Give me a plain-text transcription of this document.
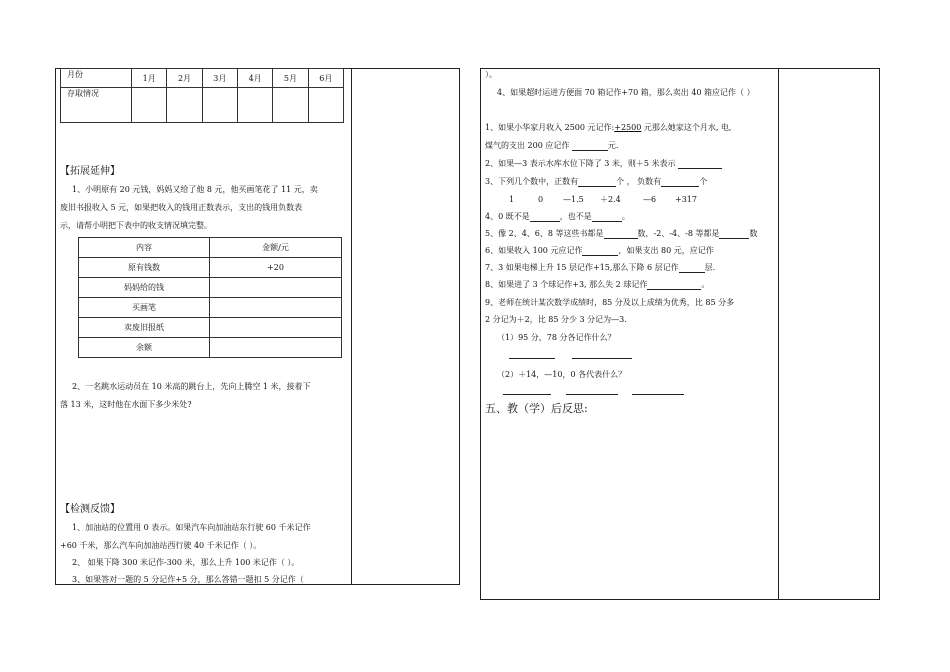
月份	1月	2月	3月	4月	5月	6月
存取情况						
【拓展延伸】
1、小明原有 20 元钱，妈妈又给了他 8 元，他买画笔花了 11 元，卖
废旧书报收入 5 元，如果把收入的钱用正数表示，支出的钱用负数表
示，请帮小明把下表中的收支情况填完整。
内容	金额/元
原有钱数	+20
妈妈给的钱	
买画笔	
卖废旧报纸	
余额	
2、一名跳水运动员在 10 米高的跳台上，先向上腾空 1 米，接着下
落 13 米，这时他在水面下多少米处?
【检测反馈】
1、加油站的位置用 0 表示。如果汽车向加油站东行驶 60 千米记作
+60 千米，那么汽车向加油站西行驶 40 千米记作（ ）。
2、 如果下降 300 米记作-300 米，那么上升 100 米记作（ ）。
3、如果答对一题的 5 分记作+5 分，那么答错一题扣 5 分记作（
）。
4、如果超时运进方便面 70 箱记作+70 箱，那么卖出 40 箱应记作（ ）
1、如果小华家月收入 2500 元记作:+2500 元那么她家这个月水, 电,
煤气的支出 200 应记作	元.
2、如果—3 表示水库水位下降了 3 米，则＋5 米表示
3、下列几个数中，正数有	个 ， 负数有	个
1	0 —1.5 ＋2.4	—6 +317
4、0 既不是	，也不是	。
5、像 2、4、6、8 等这些书都是	数，-2、-4、-8 等都是	数
6、如果收入 100 元应记作	，如果支出 80 元，应记作
7、3 如果电梯上升 15 层记作+15,那么下降 6 层记作	层.
8、如果进了 3 个球记作+3, 那么失 2 球记作	。
9、老师在统计某次数学成绩时，85 分及以上成绩为优秀，比 85 分多
2 分记为＋2，比 85 分少 3 分记为—3.
（1）95 分，78 分各记作什么？
（2）＋14，—10，0 各代表什么？
五、教（学）后反思:
